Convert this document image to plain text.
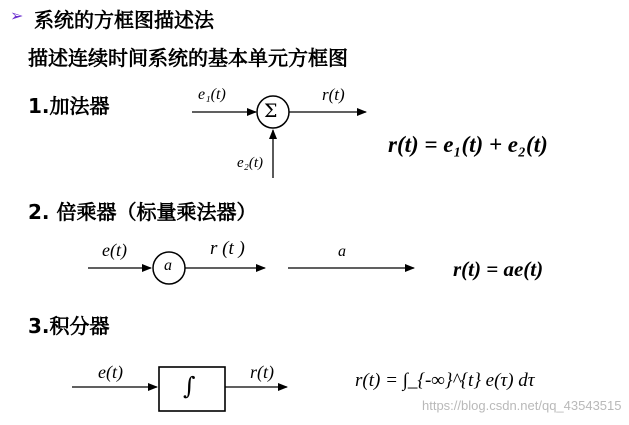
➢ 系统的方框图描述法
描述连续时间系统的基本单元方框图
1.加法器	e₁(t)	r(t)
e₂(t)
Σ
r(t) = e₁(t) + e₂(t)
2. 倍乘器（标量乘法器）
e(t)
a
r (t )	a
r(t) = ae(t)
3.积分器
e(t)	∫	r(t)	r(t) = ∫_{-∞}^{t} e(τ) dτ
https://blog.csdn.net/qq_43543515
